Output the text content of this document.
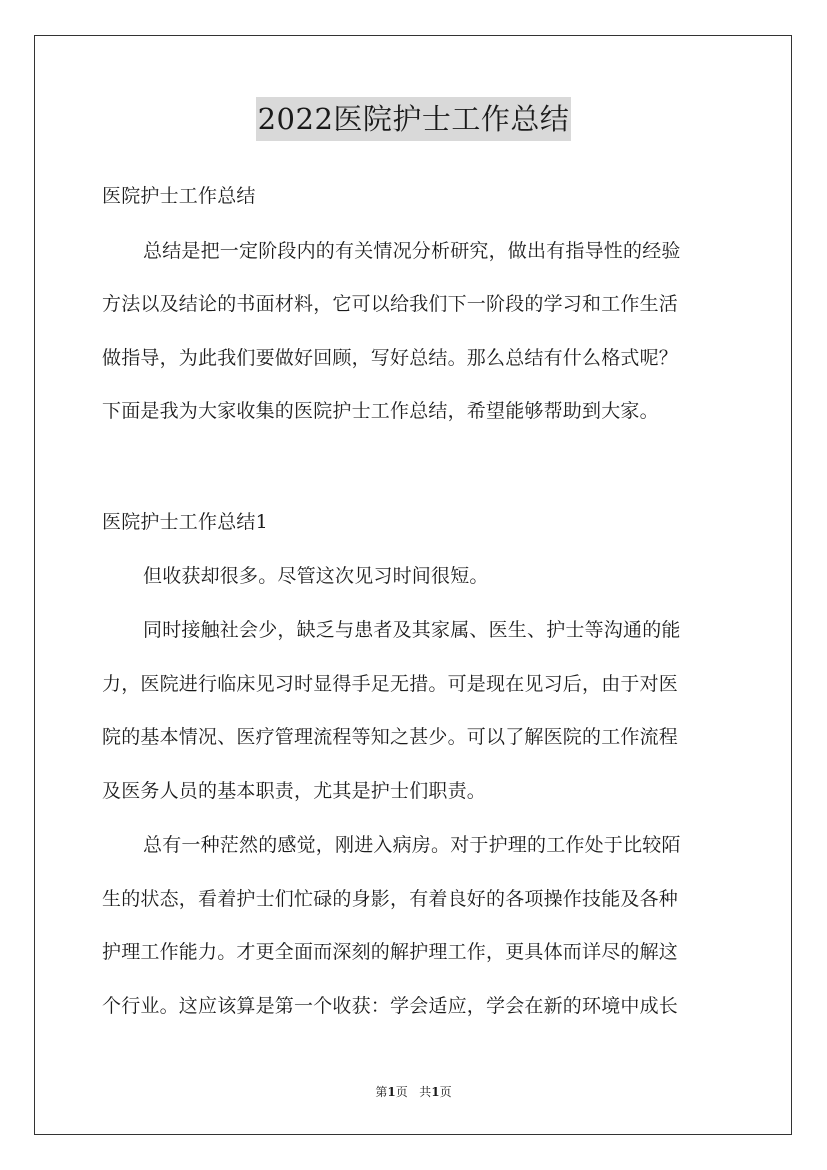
2022医院护士工作总结
医院护士工作总结
总结是把一定阶段内的有关情况分析研究，做出有指导性的经验
方法以及结论的书面材料，它可以给我们下一阶段的学习和工作生活
做指导，为此我们要做好回顾，写好总结。那么总结有什么格式呢？
下面是我为大家收集的医院护士工作总结，希望能够帮助到大家。
医院护士工作总结1
但收获却很多。尽管这次见习时间很短。
同时接触社会少，缺乏与患者及其家属、医生、护士等沟通的能
力，医院进行临床见习时显得手足无措。可是现在见习后，由于对医
院的基本情况、医疗管理流程等知之甚少。可以了解医院的工作流程
及医务人员的基本职责，尤其是护士们职责。
总有一种茫然的感觉，刚进入病房。对于护理的工作处于比较陌
生的状态，看着护士们忙碌的身影，有着良好的各项操作技能及各种
护理工作能力。才更全面而深刻的解护理工作，更具体而详尽的解这
个行业。这应该算是第一个收获：学会适应，学会在新的环境中成长
第1页 共1页
